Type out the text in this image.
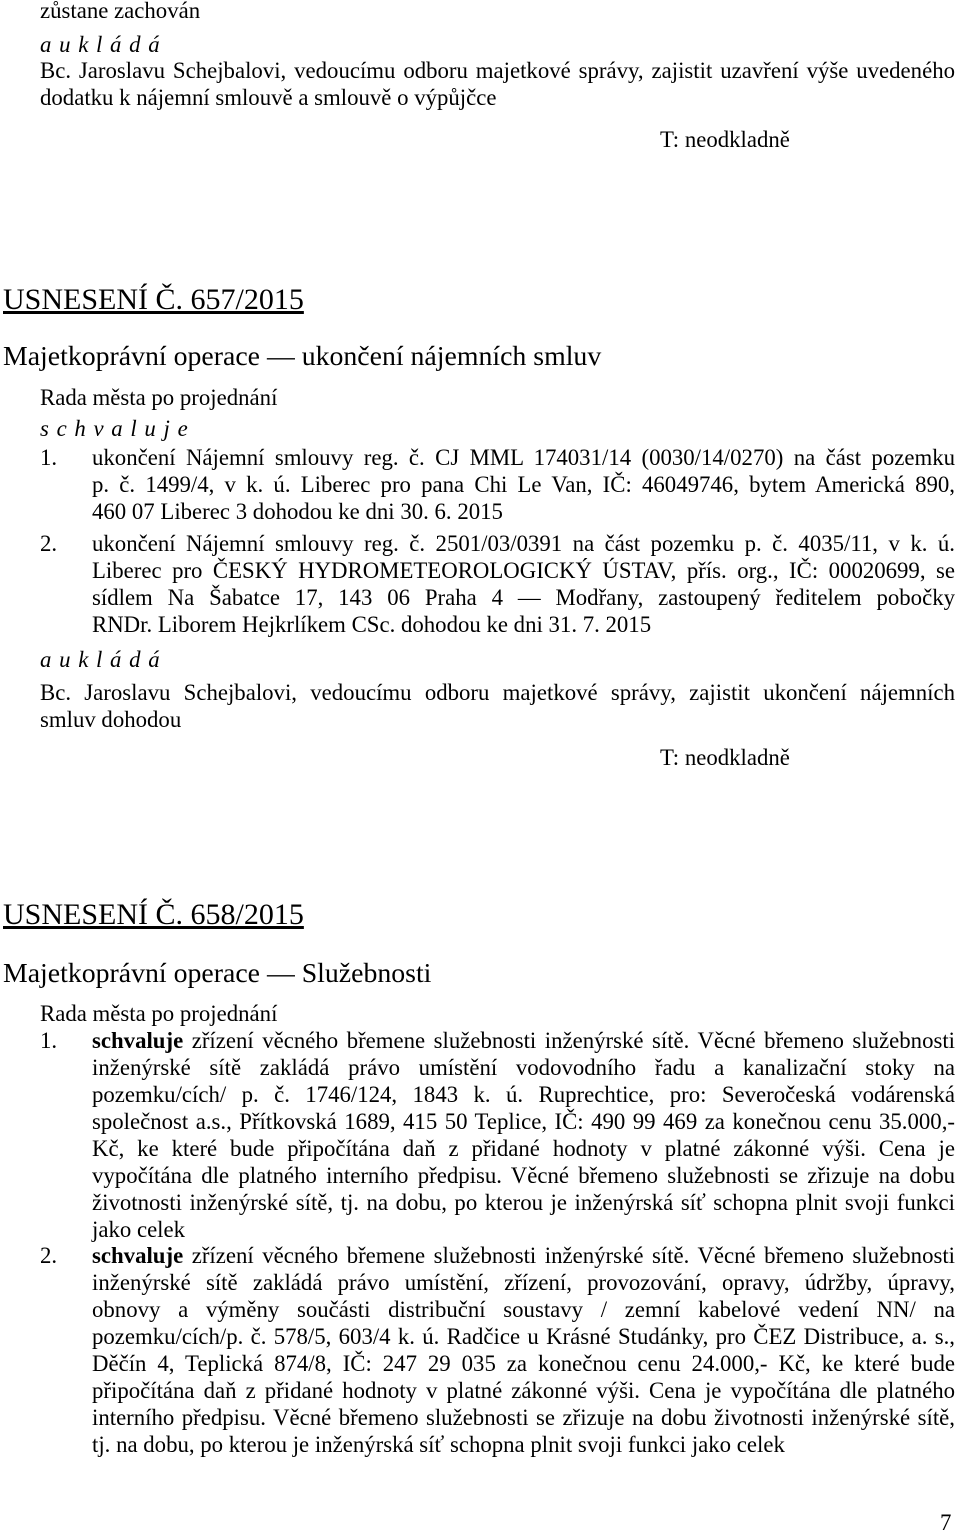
zůstane zachován
a u k l á d á
Bc. Jaroslavu Schejbalovi, vedoucímu odboru majetkové správy, zajistit uzavření výše uvedeného
dodatku k nájemní smlouvě a smlouvě o výpůjčce
T: neodkladně
USNESENÍ Č. 657/2015
Majetkoprávní operace — ukončení nájemních smluv
Rada města po projednání
s c h v a l u j e
1. ukončení Nájemní smlouvy reg. č. CJ MML 174031/14 (0030/14/0270) na část pozemku
p. č. 1499/4, v k. ú. Liberec pro pana Chi Le Van, IČ: 46049746, bytem Americká 890,
460 07 Liberec 3 dohodou ke dni 30. 6. 2015
2. ukončení Nájemní smlouvy reg. č. 2501/03/0391 na část pozemku p. č. 4035/11, v k. ú.
Liberec pro ČESKÝ HYDROMETEOROLOGICKÝ ÚSTAV, přís. org., IČ: 00020699, se
sídlem Na Šabatce 17, 143 06 Praha 4 — Modřany, zastoupený ředitelem pobočky
RNDr. Liborem Hejkrlíkem CSc. dohodou ke dni 31. 7. 2015
a u k l á d á
Bc. Jaroslavu Schejbalovi, vedoucímu odboru majetkové správy, zajistit ukončení nájemních
smluv dohodou
T: neodkladně
USNESENÍ Č. 658/2015
Majetkoprávní operace — Služebnosti
Rada města po projednání
1. schvaluje zřízení věcného břemene služebnosti inženýrské sítě. Věcné břemeno služebnosti
inženýrské sítě zakládá právo umístění vodovodního řadu a kanalizační stoky na
pozemku/cích/ p. č. 1746/124, 1843 k. ú. Ruprechtice, pro: Severočeská vodárenská
společnost a.s., Přítkovská 1689, 415 50 Teplice, IČ: 490 99 469 za konečnou cenu 35.000,-
Kč, ke které bude připočítána daň z přidané hodnoty v platné zákonné výši. Cena je
vypočítána dle platného interního předpisu. Věcné břemeno služebnosti se zřizuje na dobu
životnosti inženýrské sítě, tj. na dobu, po kterou je inženýrská síť schopna plnit svoji funkci
jako celek
2. schvaluje zřízení věcného břemene služebnosti inženýrské sítě. Věcné břemeno služebnosti
inženýrské sítě zakládá právo umístění, zřízení, provozování, opravy, údržby, úpravy,
obnovy a výměny součásti distribuční soustavy / zemní kabelové vedení NN/ na
pozemku/cích/p. č. 578/5, 603/4 k. ú. Radčice u Krásné Studánky, pro ČEZ Distribuce, a. s.,
Děčín 4, Teplická 874/8, IČ: 247 29 035 za konečnou cenu 24.000,- Kč, ke které bude
připočítána daň z přidané hodnoty v platné zákonné výši. Cena je vypočítána dle platného
interního předpisu. Věcné břemeno služebnosti se zřizuje na dobu životnosti inženýrské sítě,
tj. na dobu, po kterou je inženýrská síť schopna plnit svoji funkci jako celek
7
